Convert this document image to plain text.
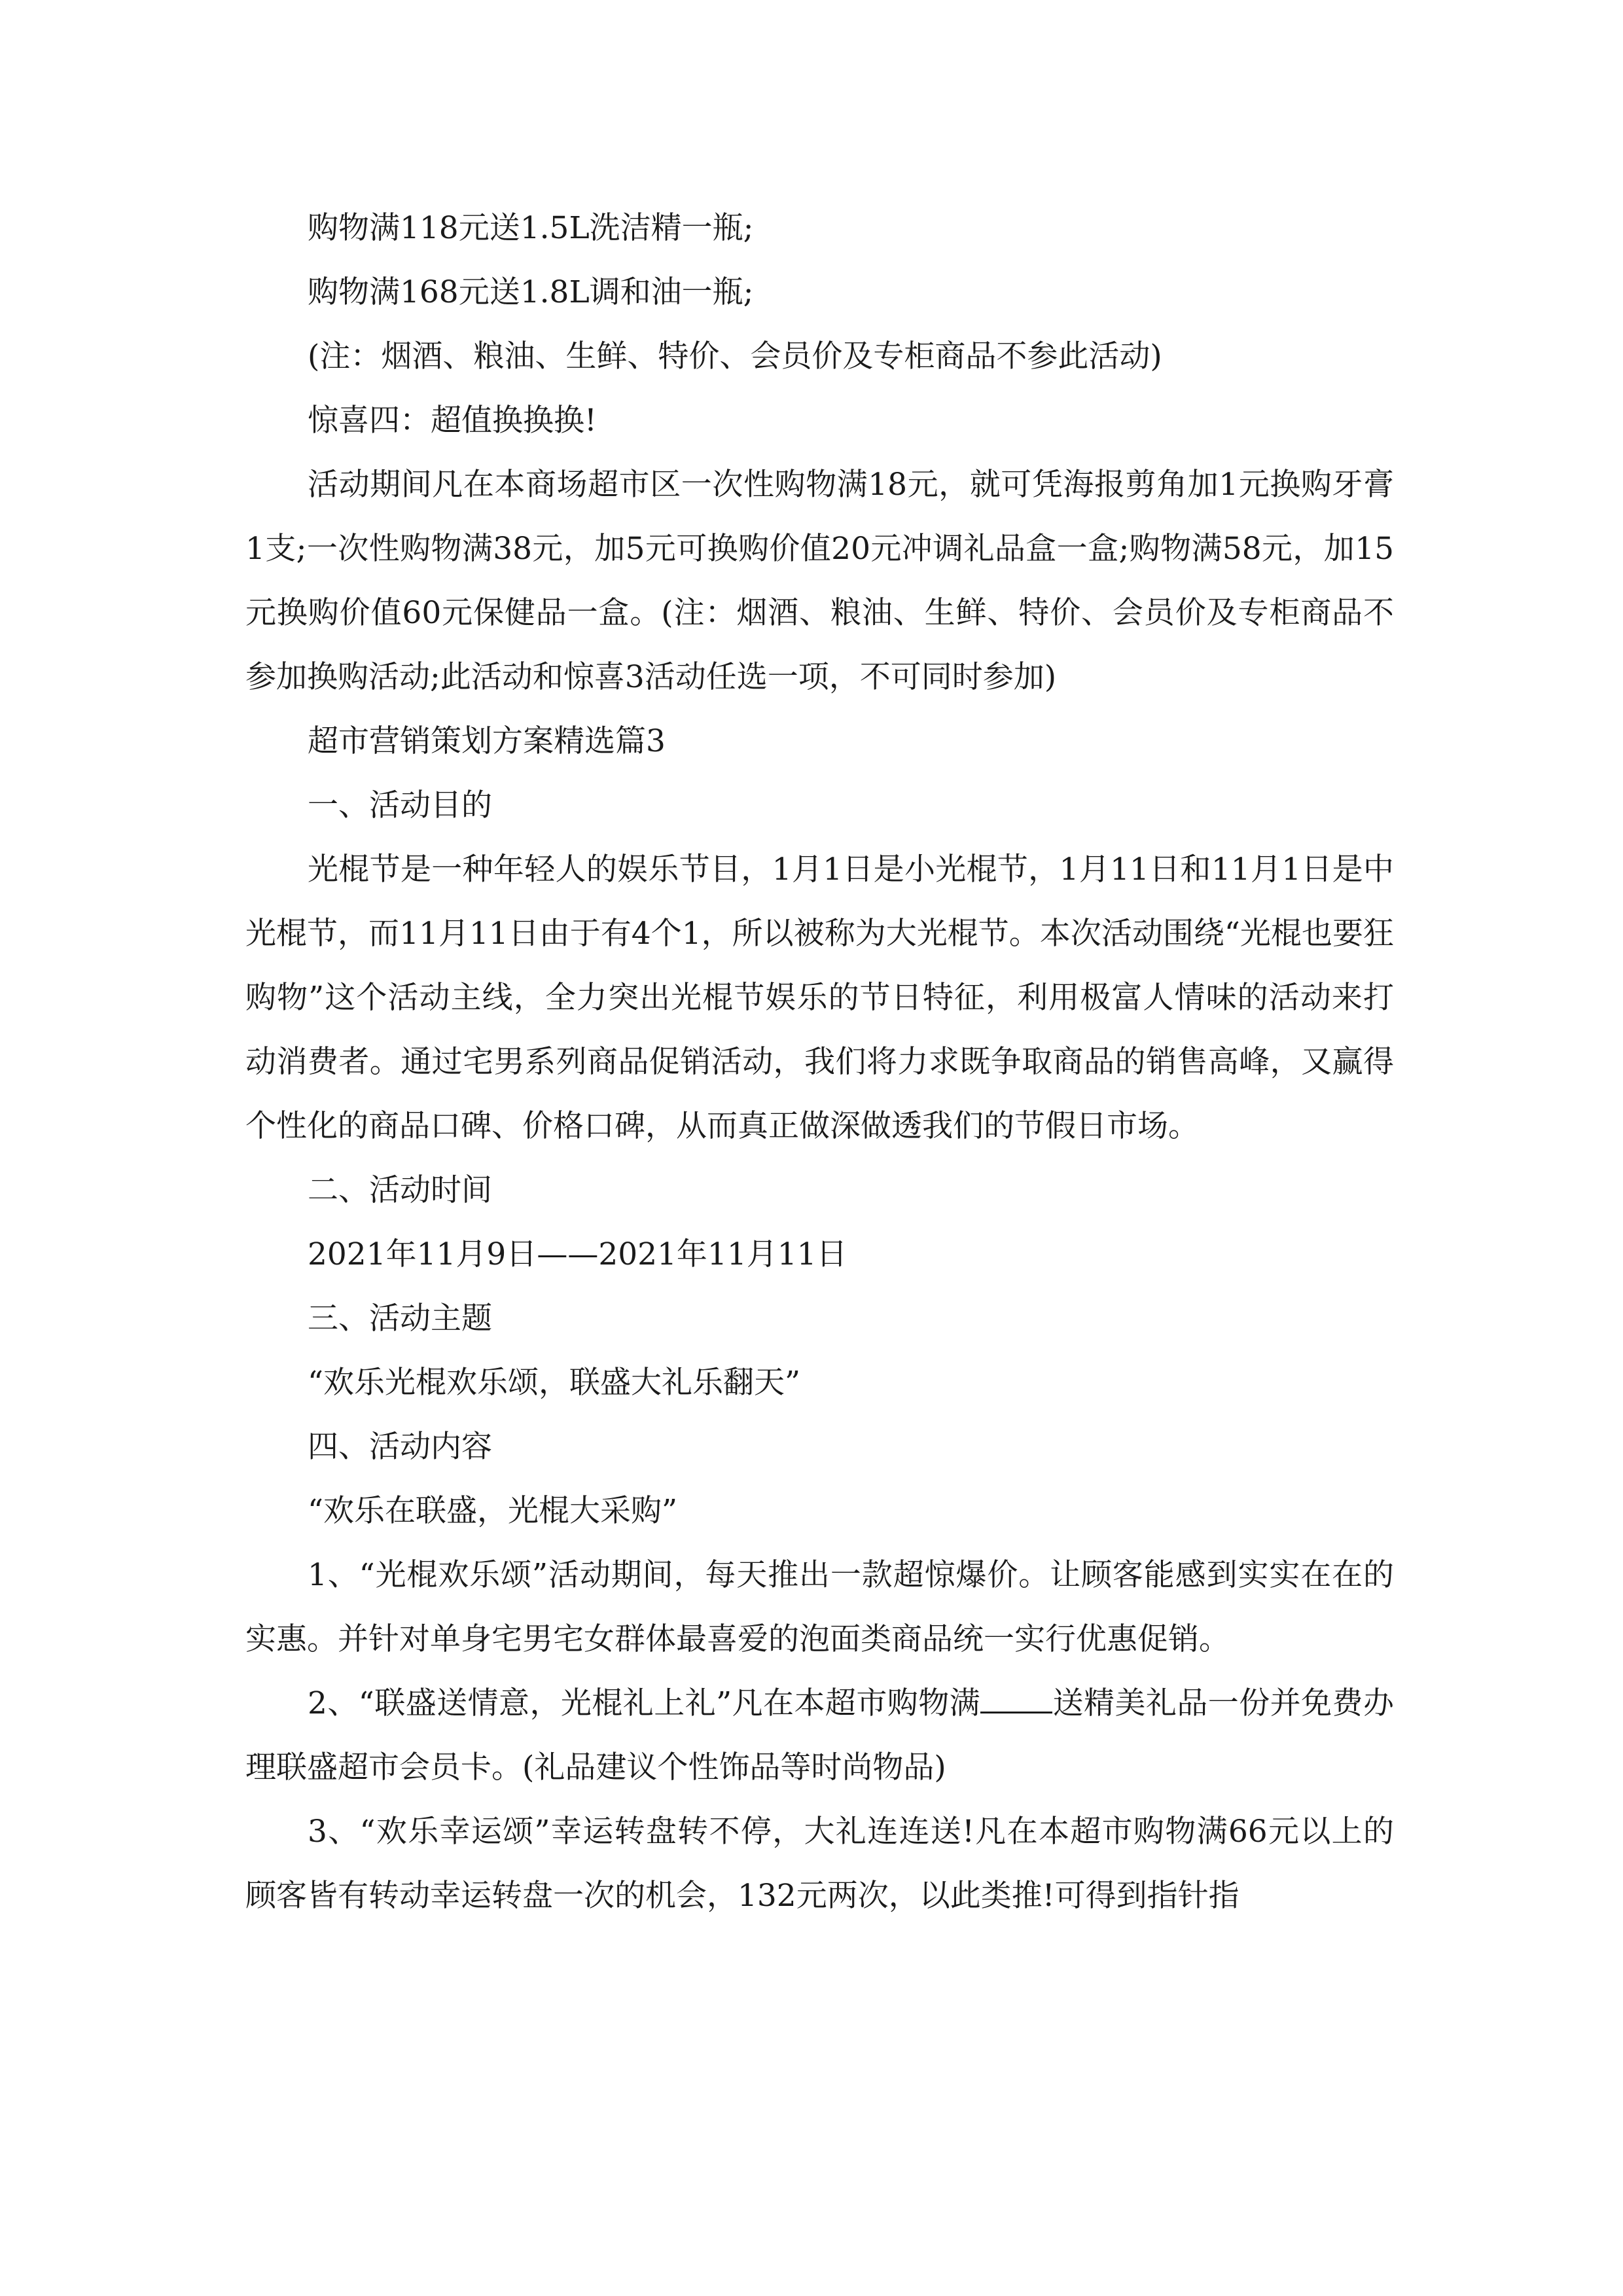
购物满118元送1.5L洗洁精一瓶;

购物满168元送1.8L调和油一瓶;

(注：烟酒、粮油、生鲜、特价、会员价及专柜商品不参此活动)

惊喜四：超值换换换!

活动期间凡在本商场超市区一次性购物满18元，就可凭海报剪角加1元换购牙膏1支;一次性购物满38元，加5元可换购价值20元冲调礼品盒一盒;购物满58元，加15元换购价值60元保健品一盒。(注：烟酒、粮油、生鲜、特价、会员价及专柜商品不参加换购活动;此活动和惊喜3活动任选一项，不可同时参加)

超市营销策划方案精选篇3

一、活动目的

光棍节是一种年轻人的娱乐节目，1月1日是小光棍节，1月11日和11月1日是中光棍节，而11月11日由于有4个1，所以被称为大光棍节。本次活动围绕“光棍也要狂购物”这个活动主线，全力突出光棍节娱乐的节日特征，利用极富人情味的活动来打动消费者。通过宅男系列商品促销活动，我们将力求既争取商品的销售高峰，又赢得个性化的商品口碑、价格口碑，从而真正做深做透我们的节假日市场。

二、活动时间

2021年11月9日——2021年11月11日

三、活动主题

“欢乐光棍欢乐颂，联盛大礼乐翻天”

四、活动内容

“欢乐在联盛，光棍大采购”

1、“光棍欢乐颂”活动期间，每天推出一款超惊爆价。让顾客能感到实实在在的实惠。并针对单身宅男宅女群体最喜爱的泡面类商品统一实行优惠促销。

2、“联盛送情意，光棍礼上礼”凡在本超市购物满 送精美礼品一份并免费办理联盛超市会员卡。(礼品建议个性饰品等时尚物品)

3、“欢乐幸运颂”幸运转盘转不停，大礼连连送!凡在本超市购物满66元以上的顾客皆有转动幸运转盘一次的机会，132元两次，以此类推!可得到指针指
